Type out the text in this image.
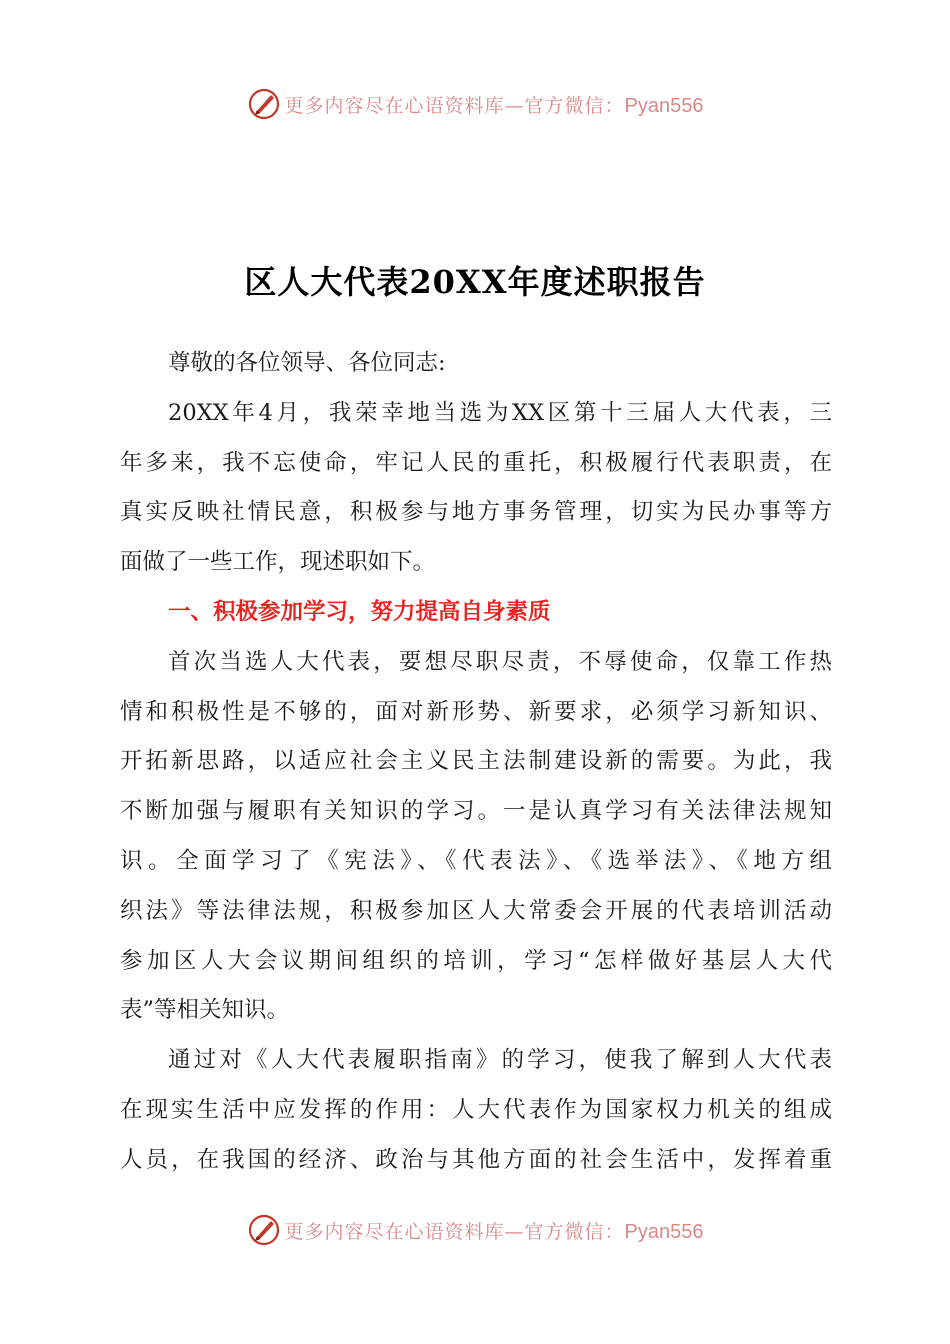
更多内容尽在心语资料库—官方微信：Pyan556
区人大代表20XX年度述职报告
尊敬的各位领导、各位同志:
20XX年4月，我荣幸地当选为XX区第十三届人大代表，三
年多来，我不忘使命，牢记人民的重托，积极履行代表职责，在
真实反映社情民意，积极参与地方事务管理，切实为民办事等方
面做了一些工作，现述职如下。
一、积极参加学习，努力提高自身素质
首次当选人大代表，要想尽职尽责，不辱使命，仅靠工作热
情和积极性是不够的，面对新形势、新要求，必须学习新知识、
开拓新思路，以适应社会主义民主法制建设新的需要。为此，我
不断加强与履职有关知识的学习。一是认真学习有关法律法规知
识。全面学习了《宪法》、《代表法》、《选举法》、《地方组
织法》等法律法规，积极参加区人大常委会开展的代表培训活动
参加区人大会议期间组织的培训，学习“怎样做好基层人大代
表”等相关知识。
通过对《人大代表履职指南》的学习，使我了解到人大代表
在现实生活中应发挥的作用：人大代表作为国家权力机关的组成
人员，在我国的经济、政治与其他方面的社会生活中，发挥着重
更多内容尽在心语资料库—官方微信：Pyan556
